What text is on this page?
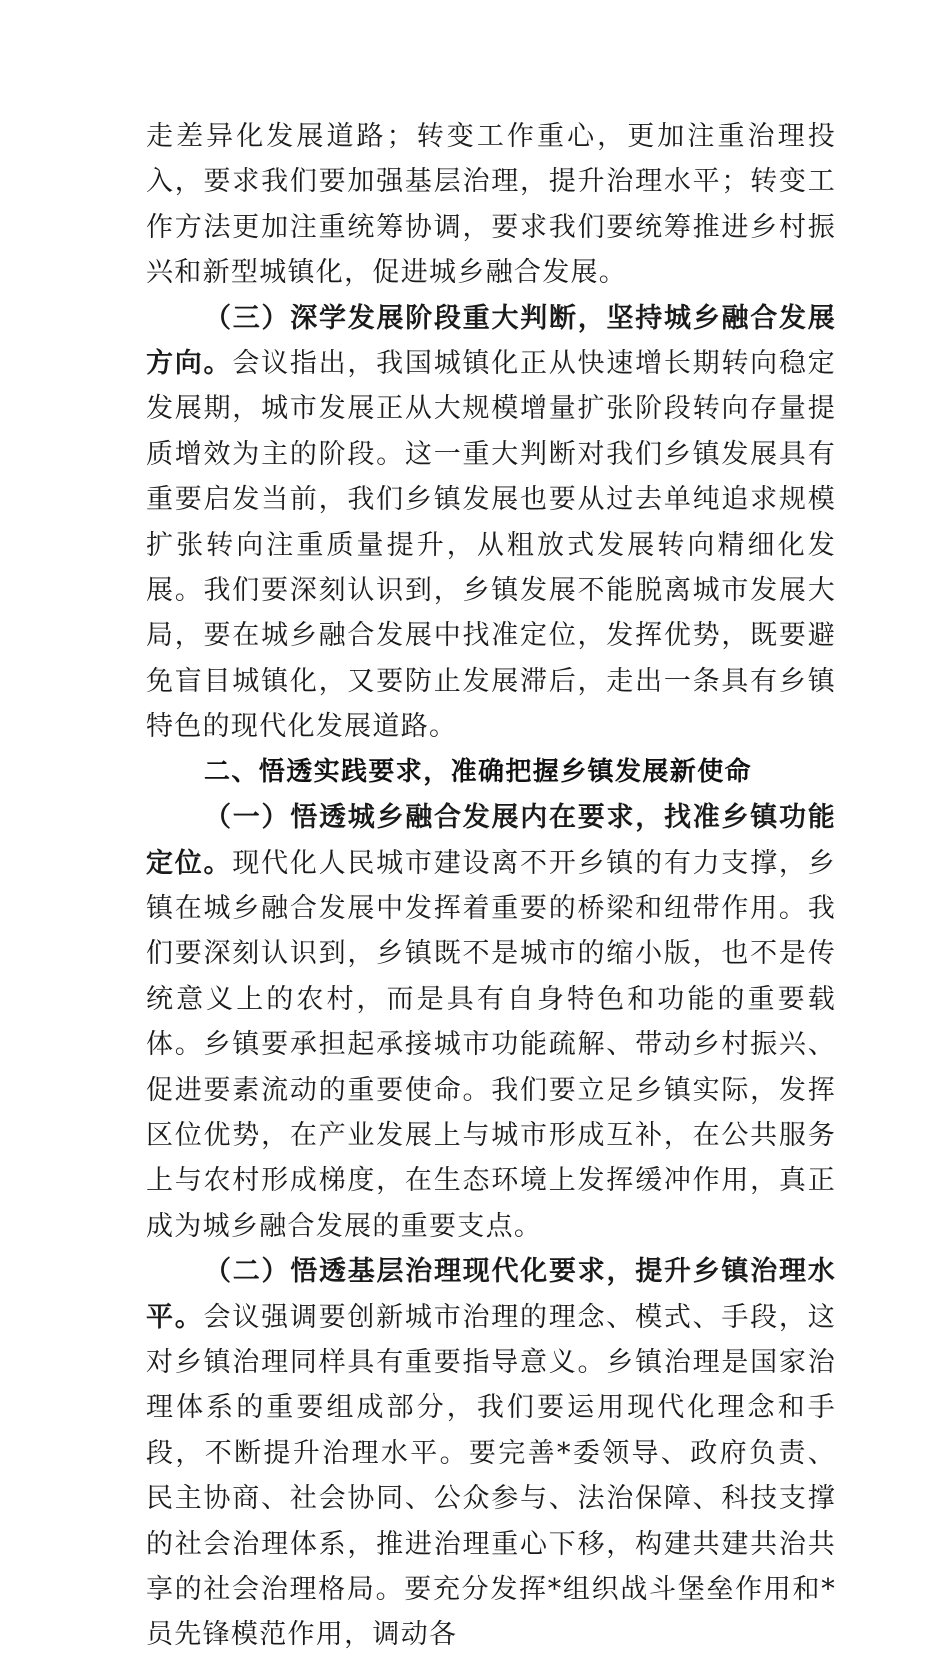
走差异化发展道路；转变工作重心，更加注重治理投入，要求我们要加强基层治理，提升治理水平；转变工作方法更加注重统筹协调，要求我们要统筹推进乡村振兴和新型城镇化，促进城乡融合发展。

（三）深学发展阶段重大判断，坚持城乡融合发展方向。会议指出，我国城镇化正从快速增长期转向稳定发展期，城市发展正从大规模增量扩张阶段转向存量提质增效为主的阶段。这一重大判断对我们乡镇发展具有重要启发当前，我们乡镇发展也要从过去单纯追求规模扩张转向注重质量提升，从粗放式发展转向精细化发展。我们要深刻认识到，乡镇发展不能脱离城市发展大局，要在城乡融合发展中找准定位，发挥优势，既要避免盲目城镇化，又要防止发展滞后，走出一条具有乡镇特色的现代化发展道路。

二、悟透实践要求，准确把握乡镇发展新使命

（一）悟透城乡融合发展内在要求，找准乡镇功能定位。现代化人民城市建设离不开乡镇的有力支撑，乡镇在城乡融合发展中发挥着重要的桥梁和纽带作用。我们要深刻认识到，乡镇既不是城市的缩小版，也不是传统意义上的农村，而是具有自身特色和功能的重要载体。乡镇要承担起承接城市功能疏解、带动乡村振兴、促进要素流动的重要使命。我们要立足乡镇实际，发挥区位优势，在产业发展上与城市形成互补，在公共服务上与农村形成梯度，在生态环境上发挥缓冲作用，真正成为城乡融合发展的重要支点。

（二）悟透基层治理现代化要求，提升乡镇治理水平。会议强调要创新城市治理的理念、模式、手段，这对乡镇治理同样具有重要指导意义。乡镇治理是国家治理体系的重要组成部分，我们要运用现代化理念和手段，不断提升治理水平。要完善*委领导、政府负责、民主协商、社会协同、公众参与、法治保障、科技支撑的社会治理体系，推进治理重心下移，构建共建共治共享的社会治理格局。要充分发挥*组织战斗堡垒作用和*员先锋模范作用，调动各
